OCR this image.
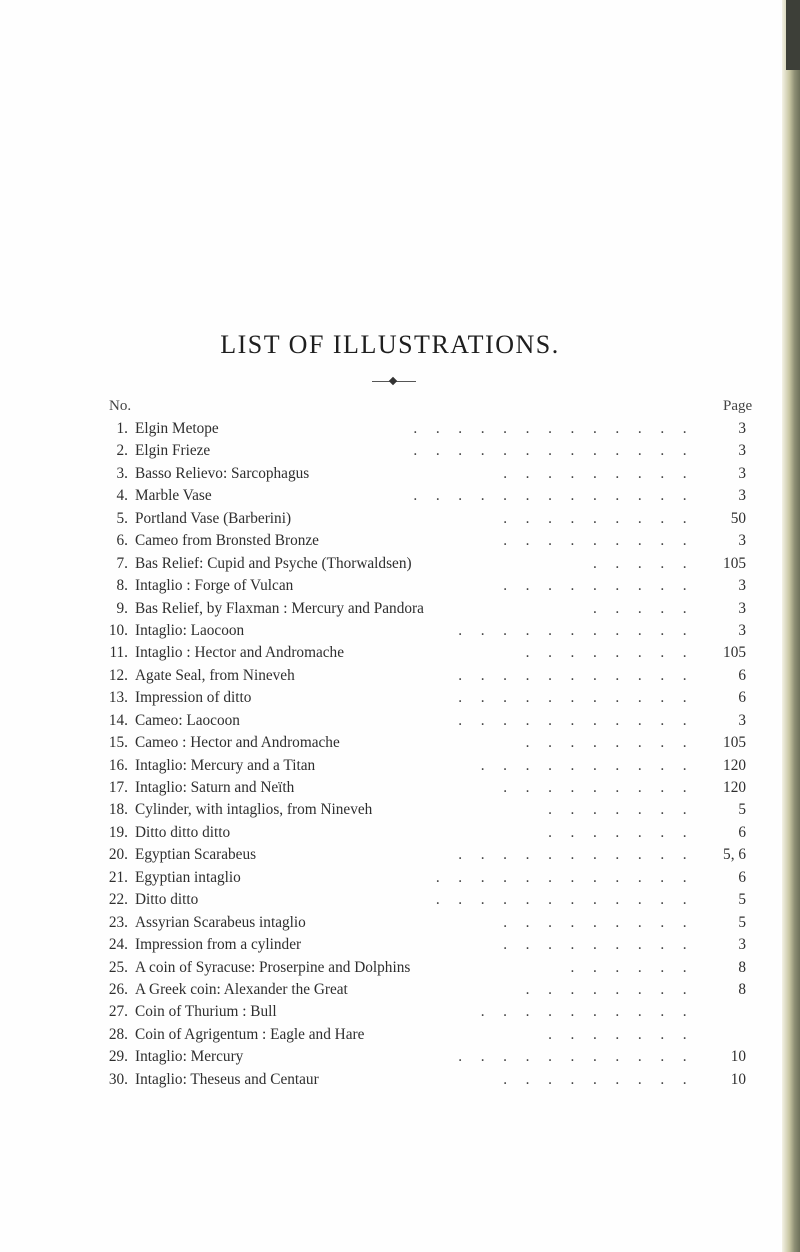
LIST OF ILLUSTRATIONS.
No.	Page
1. Elgin Metope	. . . . . . . . . . . . .	3
2. Elgin Frieze	. . . . . . . . . . . . .	3
3. Basso Relievo: Sarcophagus	. . . . . . . . .	3
4. Marble Vase	. . . . . . . . . . . . .	3
5. Portland Vase (Barberini)	. . . . . . . . .	50
6. Cameo from Bronsted Bronze	. . . . . . . . .	3
7. Bas Relief: Cupid and Psyche (Thorwaldsen)	. . . . .	105
8. Intaglio : Forge of Vulcan	. . . . . . . . .	3
9. Bas Relief, by Flaxman : Mercury and Pandora	. . . . .	3
10. Intaglio: Laocoon	. . . . . . . . . . .	3
11. Intaglio : Hector and Andromache	. . . . . . . .	105
12. Agate Seal, from Nineveh	. . . . . . . . . . .	6
13. Impression of ditto	. . . . . . . . . . .	6
14. Cameo: Laocoon	. . . . . . . . . . .	3
15. Cameo : Hector and Andromache	. . . . . . . .	105
16. Intaglio: Mercury and a Titan	. . . . . . . . . .	120
17. Intaglio: Saturn and Neïth	. . . . . . . . .	120
18. Cylinder, with intaglios, from Nineveh	. . . . . . .	5
19. Ditto ditto ditto	. . . . . . .	6
20. Egyptian Scarabeus	. . . . . . . . . . .	5, 6
21. Egyptian intaglio	. . . . . . . . . . . .	6
22. Ditto ditto	. . . . . . . . . . . .	5
23. Assyrian Scarabeus intaglio	. . . . . . . . .	5
24. Impression from a cylinder	. . . . . . . . .	3
25. A coin of Syracuse: Proserpine and Dolphins	. . . . . .	8
26. A Greek coin: Alexander the Great	. . . . . . . .	8
27. Coin of Thurium : Bull	. . . . . . . . . .
28. Coin of Agrigentum : Eagle and Hare	. . . . . . .
29. Intaglio: Mercury	. . . . . . . . . . .	10
30. Intaglio: Theseus and Centaur	. . . . . . . . .	10
